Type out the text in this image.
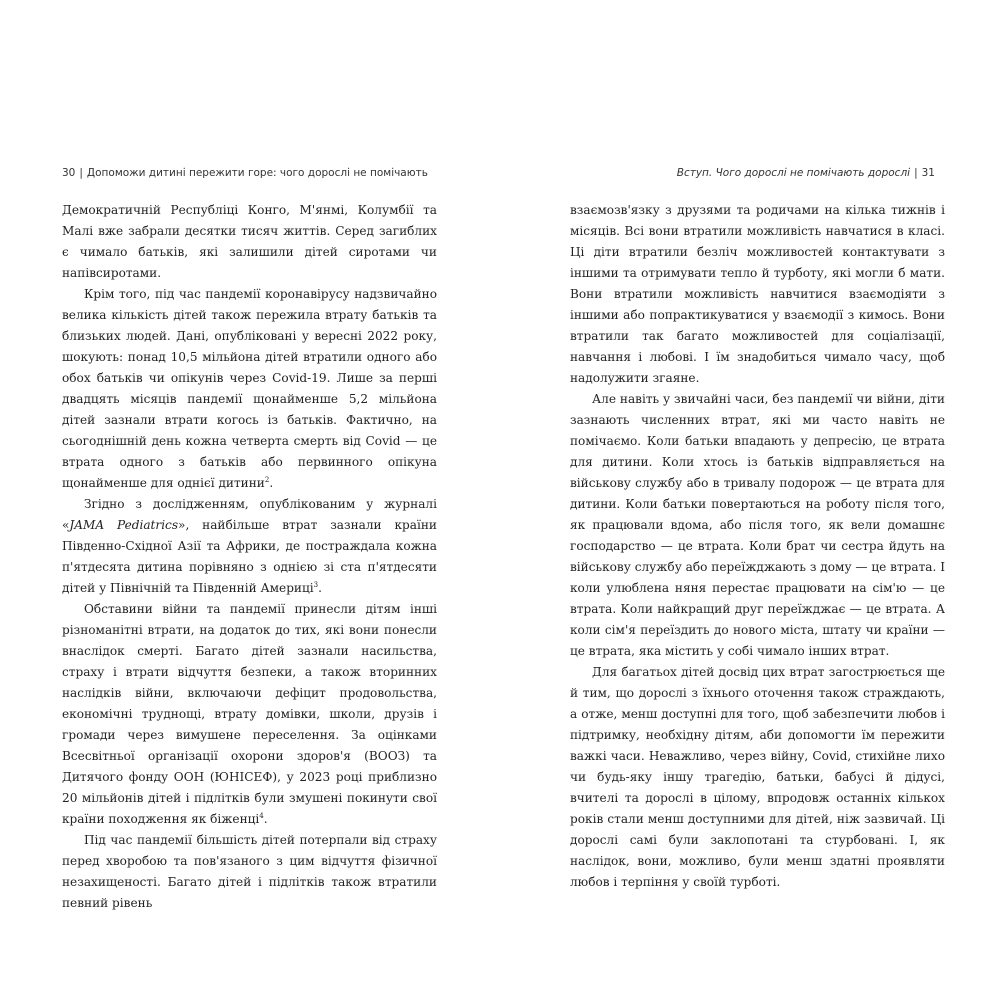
30 | Допоможи дитині пережити горе: чого дорослі не помічають	Вступ. Чого дорослі не помічають дорослі | 31

Демократичній Республіці Конго, М'янмі, Колумбії та Малі вже забрали десятки тисяч життів. Серед загиблих є чимало батьків, які залишили дітей сиротами чи напівсиротами.

Крім того, під час пандемії коронавірусу надзвичайно велика кількість дітей також пережила втрату батьків та близьких людей. Дані, опубліковані у вересні 2022 року, шокують: понад 10,5 мільйона дітей втратили одного або обох батьків чи опікунів через Covid-19. Лише за перші двадцять місяців пандемії щонайменше 5,2 мільйона дітей зазнали втрати когось із батьків. Фактично, на сьогоднішній день кожна четверта смерть від Covid — це втрата одного з батьків або первинного опікуна щонайменше для однієї дитини$^2$.

Згідно з дослідженням, опублікованим у журналі «JAMA Pediatrics», найбільше втрат зазнали країни Південно-Східної Азії та Африки, де постраждала кожна п'ятдесята дитина порівняно з однією зі ста п'ятдесяти дітей у Північній та Південній Америці$^3$.

Обставини війни та пандемії принесли дітям інші різноманітні втрати, на додаток до тих, які вони понесли внаслідок смерті. Багато дітей зазнали насильства, страху і втрати відчуття безпеки, а також вторинних наслідків війни, включаючи дефіцит продовольства, економічні труднощі, втрату домівки, школи, друзів і громади через вимушене переселення. За оцінками Всесвітньої організації охорони здоров'я (ВООЗ) та Дитячого фонду ООН (ЮНІСЕФ), у 2023 році приблизно 20 мільйонів дітей і підлітків були змушені покинути свої країни походження як біженці$^4$.

Під час пандемії більшість дітей потерпали від страху перед хворобою та пов'язаного з цим відчуття фізичної незахищеності. Багато дітей і підлітків також втратили певний рівень

взаємозв'язку з друзями та родичами на кілька тижнів і місяців. Всі вони втратили можливість навчатися в класі. Ці діти втратили безліч можливостей контактувати з іншими та отримувати тепло й турботу, які могли б мати. Вони втратили можливість навчитися взаємодіяти з іншими або попрактикуватися у взаємодії з кимось. Вони втратили так багато можливостей для соціалізації, навчання і любові. І їм знадобиться чимало часу, щоб надолужити згаяне.

Але навіть у звичайні часи, без пандемії чи війни, діти зазнають численних втрат, які ми часто навіть не помічаємо. Коли батьки впадають у депресію, це втрата для дитини. Коли хтось із батьків відправляється на військову службу або в тривалу подорож — це втрата для дитини. Коли батьки повертаються на роботу після того, як працювали вдома, або після того, як вели домашнє господарство — це втрата. Коли брат чи сестра йдуть на військову службу або переїжджають з дому — це втрата. І коли улюблена няня перестає працювати на сім'ю — це втрата. Коли найкращий друг переїжджає — це втрата. А коли сім'я переїздить до нового міста, штату чи країни — це втрата, яка містить у собі чимало інших втрат.

Для багатьох дітей досвід цих втрат загострюється ще й тим, що дорослі з їхнього оточення також страждають, а отже, менш доступні для того, щоб забезпечити любов і підтримку, необхідну дітям, аби допомогти їм пережити важкі часи. Неважливо, через війну, Covid, стихійне лихо чи будь-яку іншу трагедію, батьки, бабусі й дідусі, вчителі та дорослі в цілому, впродовж останніх кількох років стали менш доступними для дітей, ніж зазвичай. Ці дорослі самі були заклопотані та стурбовані. І, як наслідок, вони, можливо, були менш здатні проявляти любов і терпіння у своїй турботі.
